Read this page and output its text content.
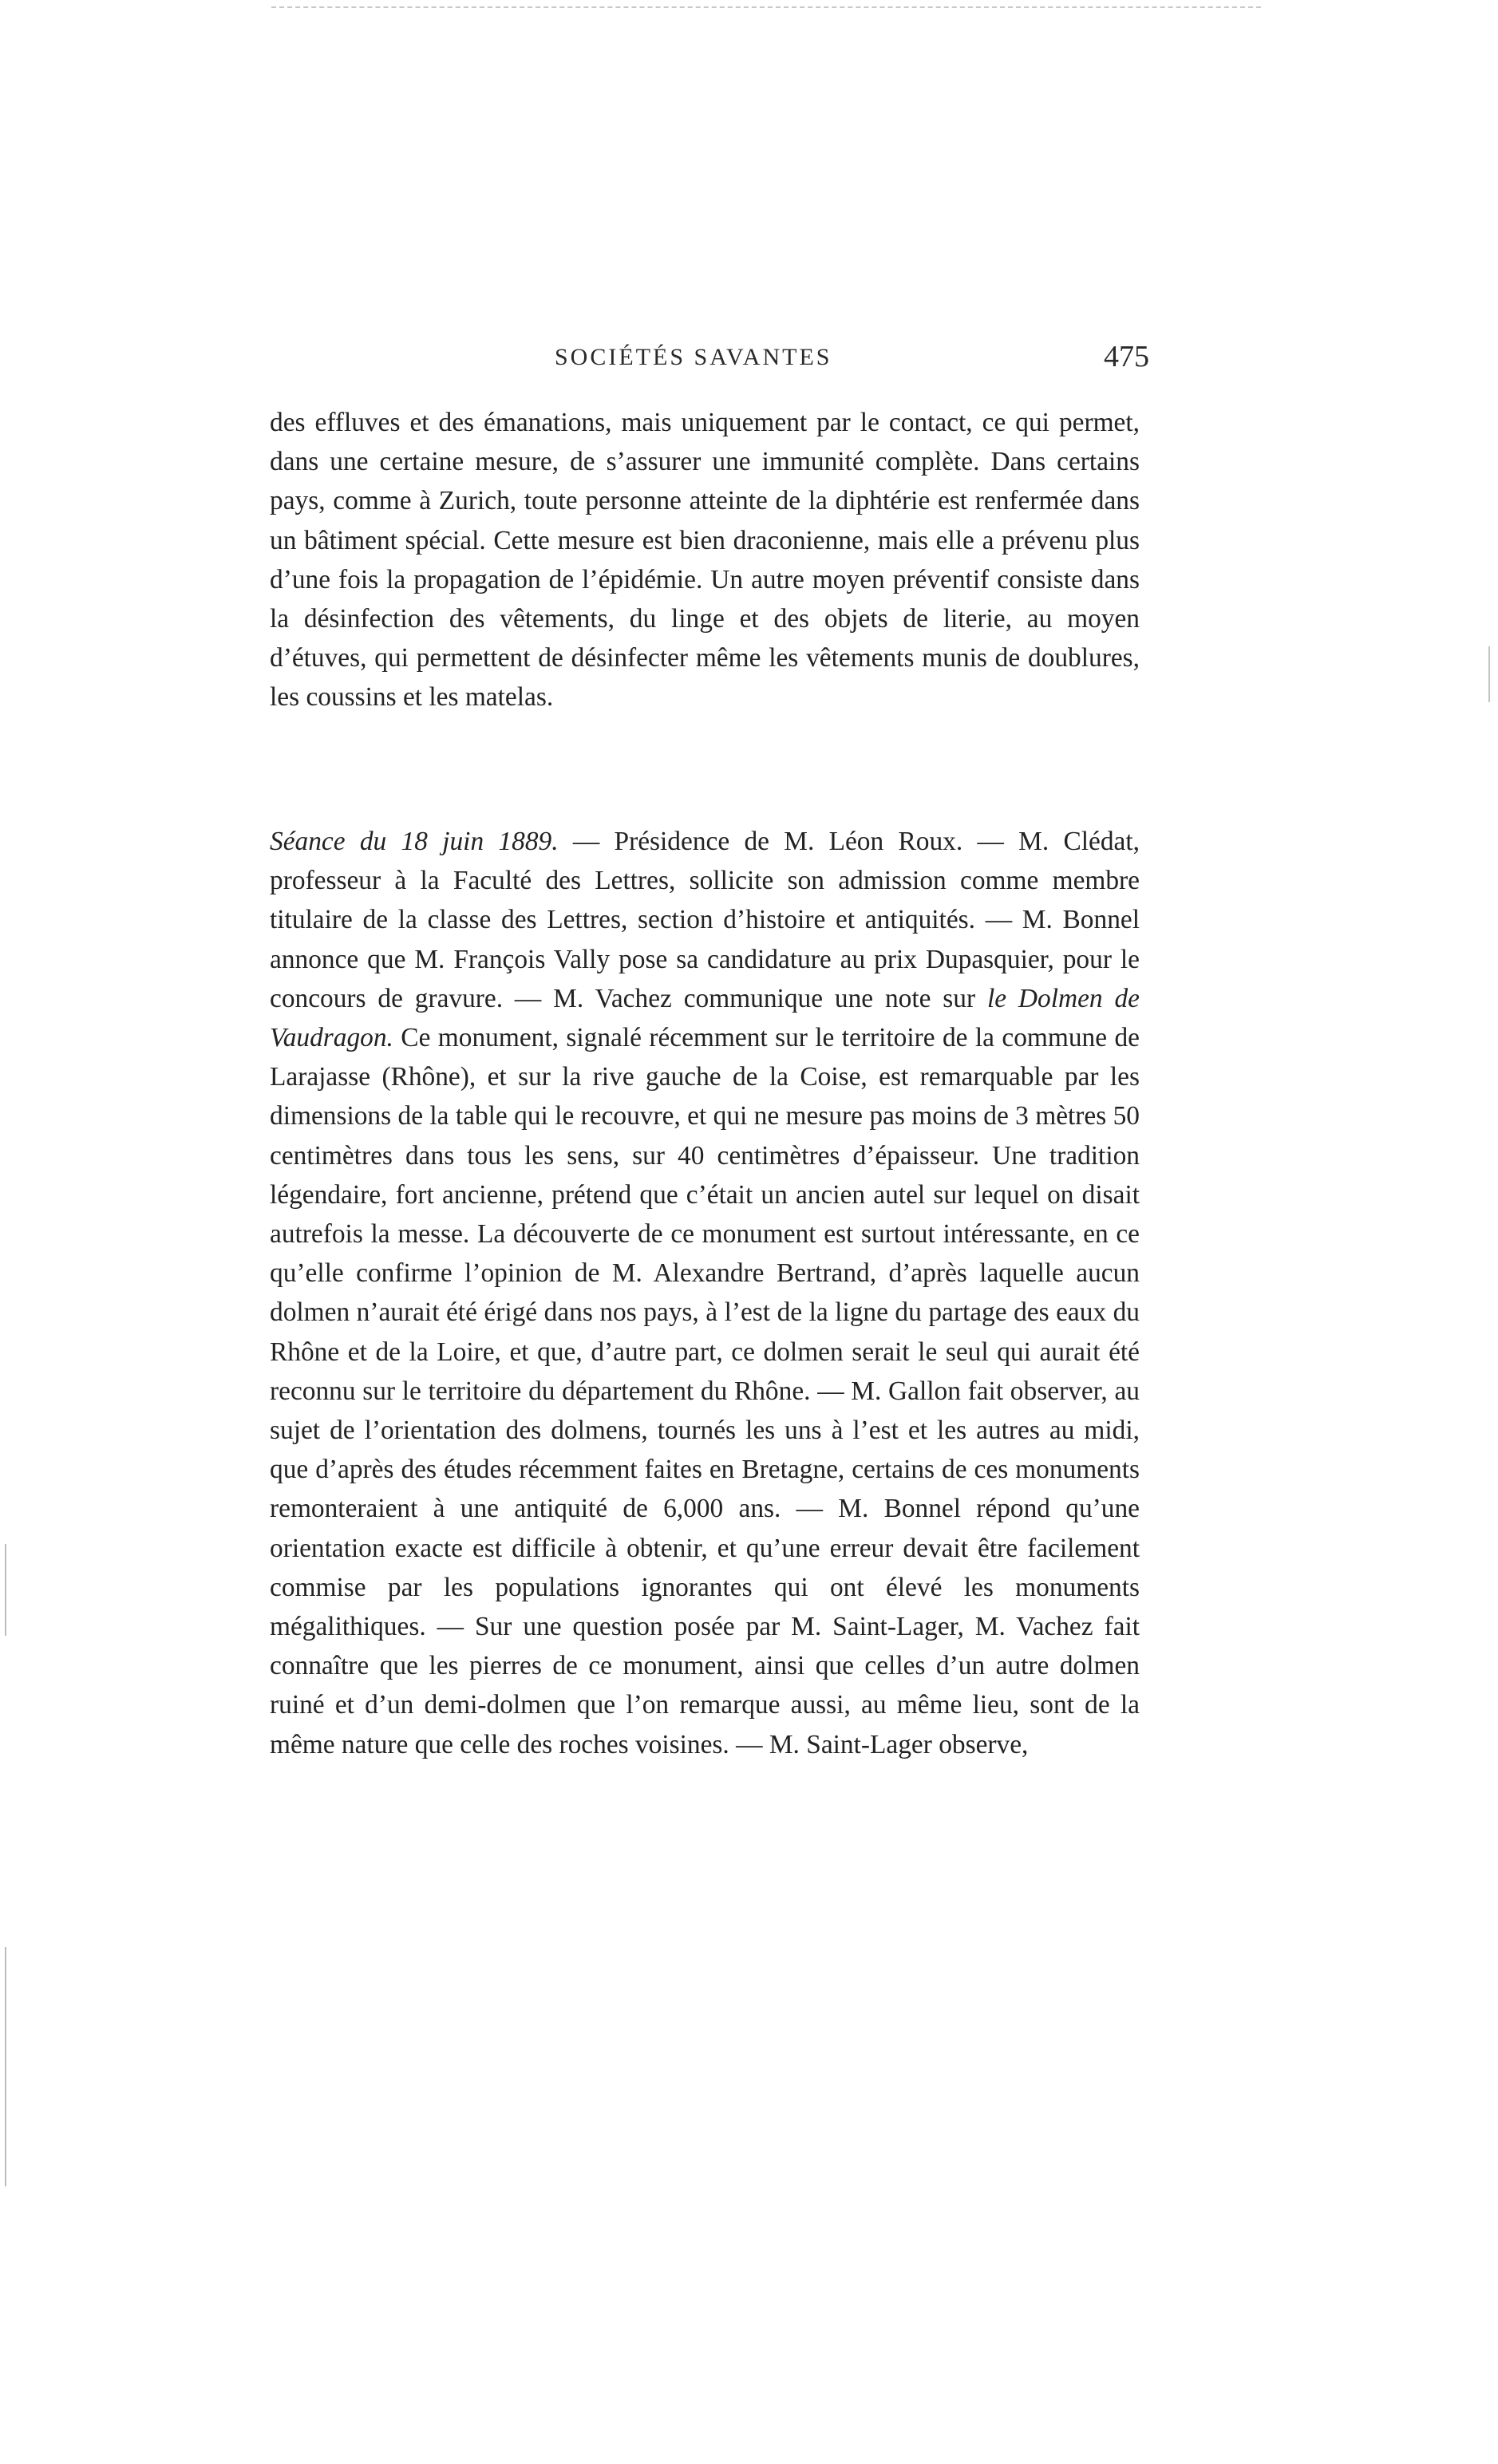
SOCIÉTÉS SAVANTES	475

des effluves et des émanations, mais uniquement par le contact, ce qui permet, dans une certaine mesure, de s’assurer une immunité complète. Dans certains pays, comme à Zurich, toute personne atteinte de la diphtérie est renfermée dans un bâtiment spécial. Cette mesure est bien draconienne, mais elle a prévenu plus d’une fois la propagation de l’épidémie. Un autre moyen préventif consiste dans la désinfection des vêtements, du linge et des objets de literie, au moyen d’étuves, qui permettent de désinfecter même les vêtements munis de doublures, les coussins et les matelas.

Séance du 18 juin 1889. — Présidence de M. Léon Roux. — M. Clédat, professeur à la Faculté des Lettres, sollicite son admission comme membre titulaire de la classe des Lettres, section d’histoire et antiquités. — M. Bonnel annonce que M. François Vally pose sa candidature au prix Dupasquier, pour le concours de gravure. — M. Vachez communique une note sur le Dolmen de Vaudragon. Ce monument, signalé récemment sur le territoire de la commune de Larajasse (Rhône), et sur la rive gauche de la Coise, est remarquable par les dimensions de la table qui le recouvre, et qui ne mesure pas moins de 3 mètres 50 centimètres dans tous les sens, sur 40 centimètres d’épaisseur. Une tradition légendaire, fort ancienne, prétend que c’était un ancien autel sur lequel on disait autrefois la messe. La découverte de ce monument est surtout intéressante, en ce qu’elle confirme l’opinion de M. Alexandre Bertrand, d’après laquelle aucun dolmen n’aurait été érigé dans nos pays, à l’est de la ligne du partage des eaux du Rhône et de la Loire, et que, d’autre part, ce dolmen serait le seul qui aurait été reconnu sur le territoire du département du Rhône. — M. Gallon fait observer, au sujet de l’orientation des dolmens, tournés les uns à l’est et les autres au midi, que d’après des études récemment faites en Bretagne, certains de ces monuments remonteraient à une antiquité de 6,000 ans. — M. Bonnel répond qu’une orientation exacte est difficile à obtenir, et qu’une erreur devait être facilement commise par les populations ignorantes qui ont élevé les monuments mégalithiques. — Sur une question posée par M. Saint-Lager, M. Vachez fait connaître que les pierres de ce monument, ainsi que celles d’un autre dolmen ruiné et d’un demi-dolmen que l’on remarque aussi, au même lieu, sont de la même nature que celle des roches voisines. — M. Saint-Lager observe,
